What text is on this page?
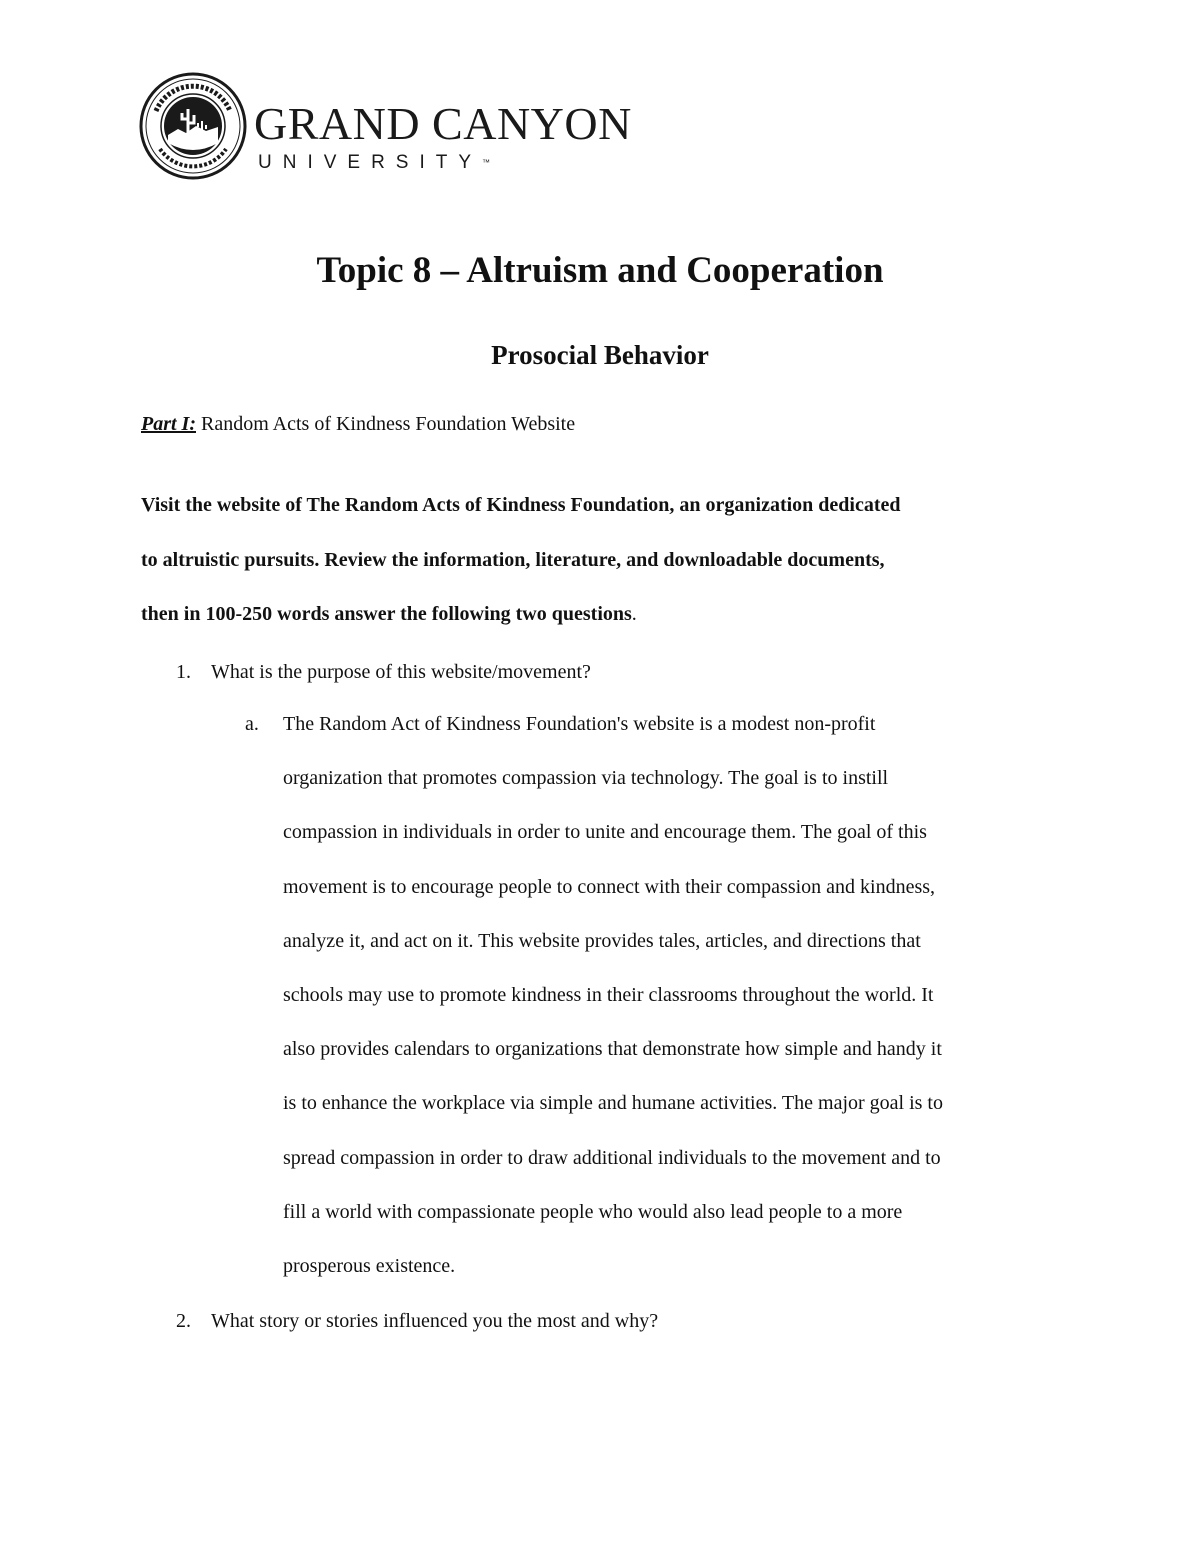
GRAND CANYON
UNIVERSITY™
Topic 8 – Altruism and Cooperation
Prosocial Behavior
Part I: Random Acts of Kindness Foundation Website

Visit the website of The Random Acts of Kindness Foundation, an organization dedicated
to altruistic pursuits. Review the information, literature, and downloadable documents,
then in 100-250 words answer the following two questions.

1. What is the purpose of this website/movement?
a. The Random Act of Kindness Foundation's website is a modest non-profit
organization that promotes compassion via technology. The goal is to instill
compassion in individuals in order to unite and encourage them. The goal of this
movement is to encourage people to connect with their compassion and kindness,
analyze it, and act on it. This website provides tales, articles, and directions that
schools may use to promote kindness in their classrooms throughout the world. It
also provides calendars to organizations that demonstrate how simple and handy it
is to enhance the workplace via simple and humane activities. The major goal is to
spread compassion in order to draw additional individuals to the movement and to
fill a world with compassionate people who would also lead people to a more
prosperous existence.
2. What story or stories influenced you the most and why?
